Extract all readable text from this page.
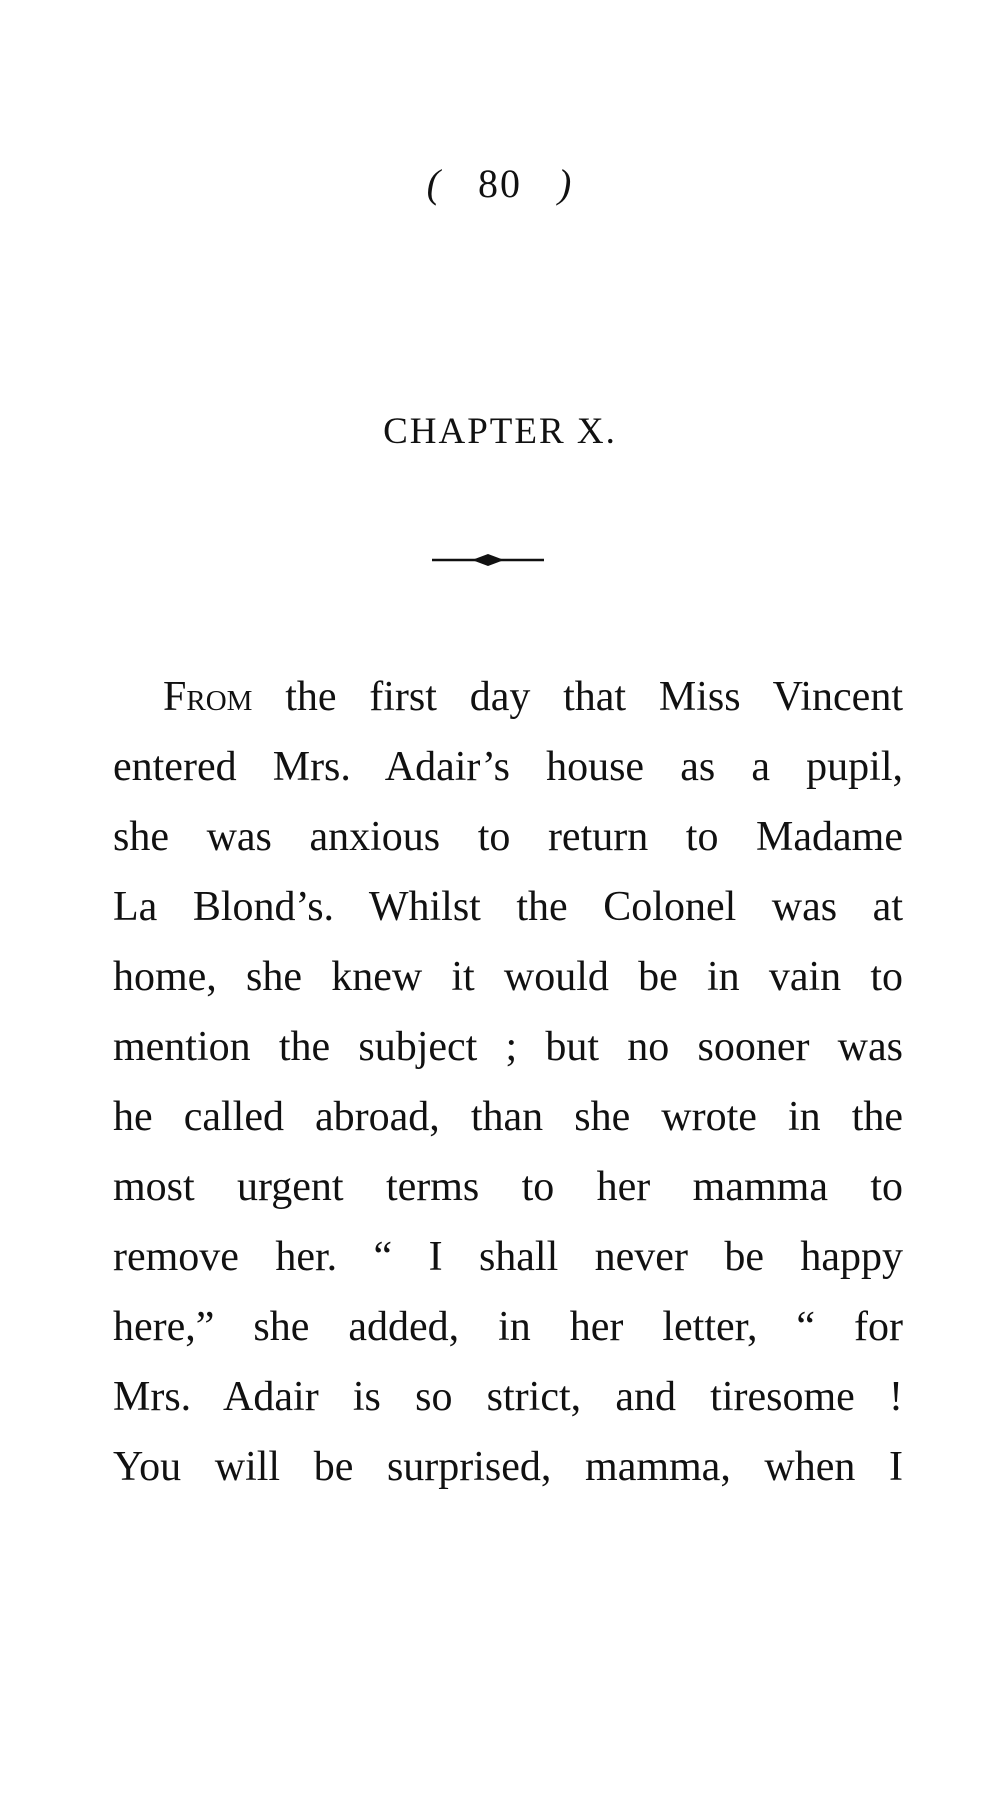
( 80 )
CHAPTER X.
From the first day that Miss Vincent
entered Mrs. Adair’s house as a pupil,
she was anxious to return to Madame
La Blond’s. Whilst the Colonel was at
home, she knew it would be in vain to
mention the subject ; but no sooner was
he called abroad, than she wrote in the
most urgent terms to her mamma to
remove her. “ I shall never be happy
here,” she added, in her letter, “ for
Mrs. Adair is so strict, and tiresome !
You will be surprised, mamma, when I
